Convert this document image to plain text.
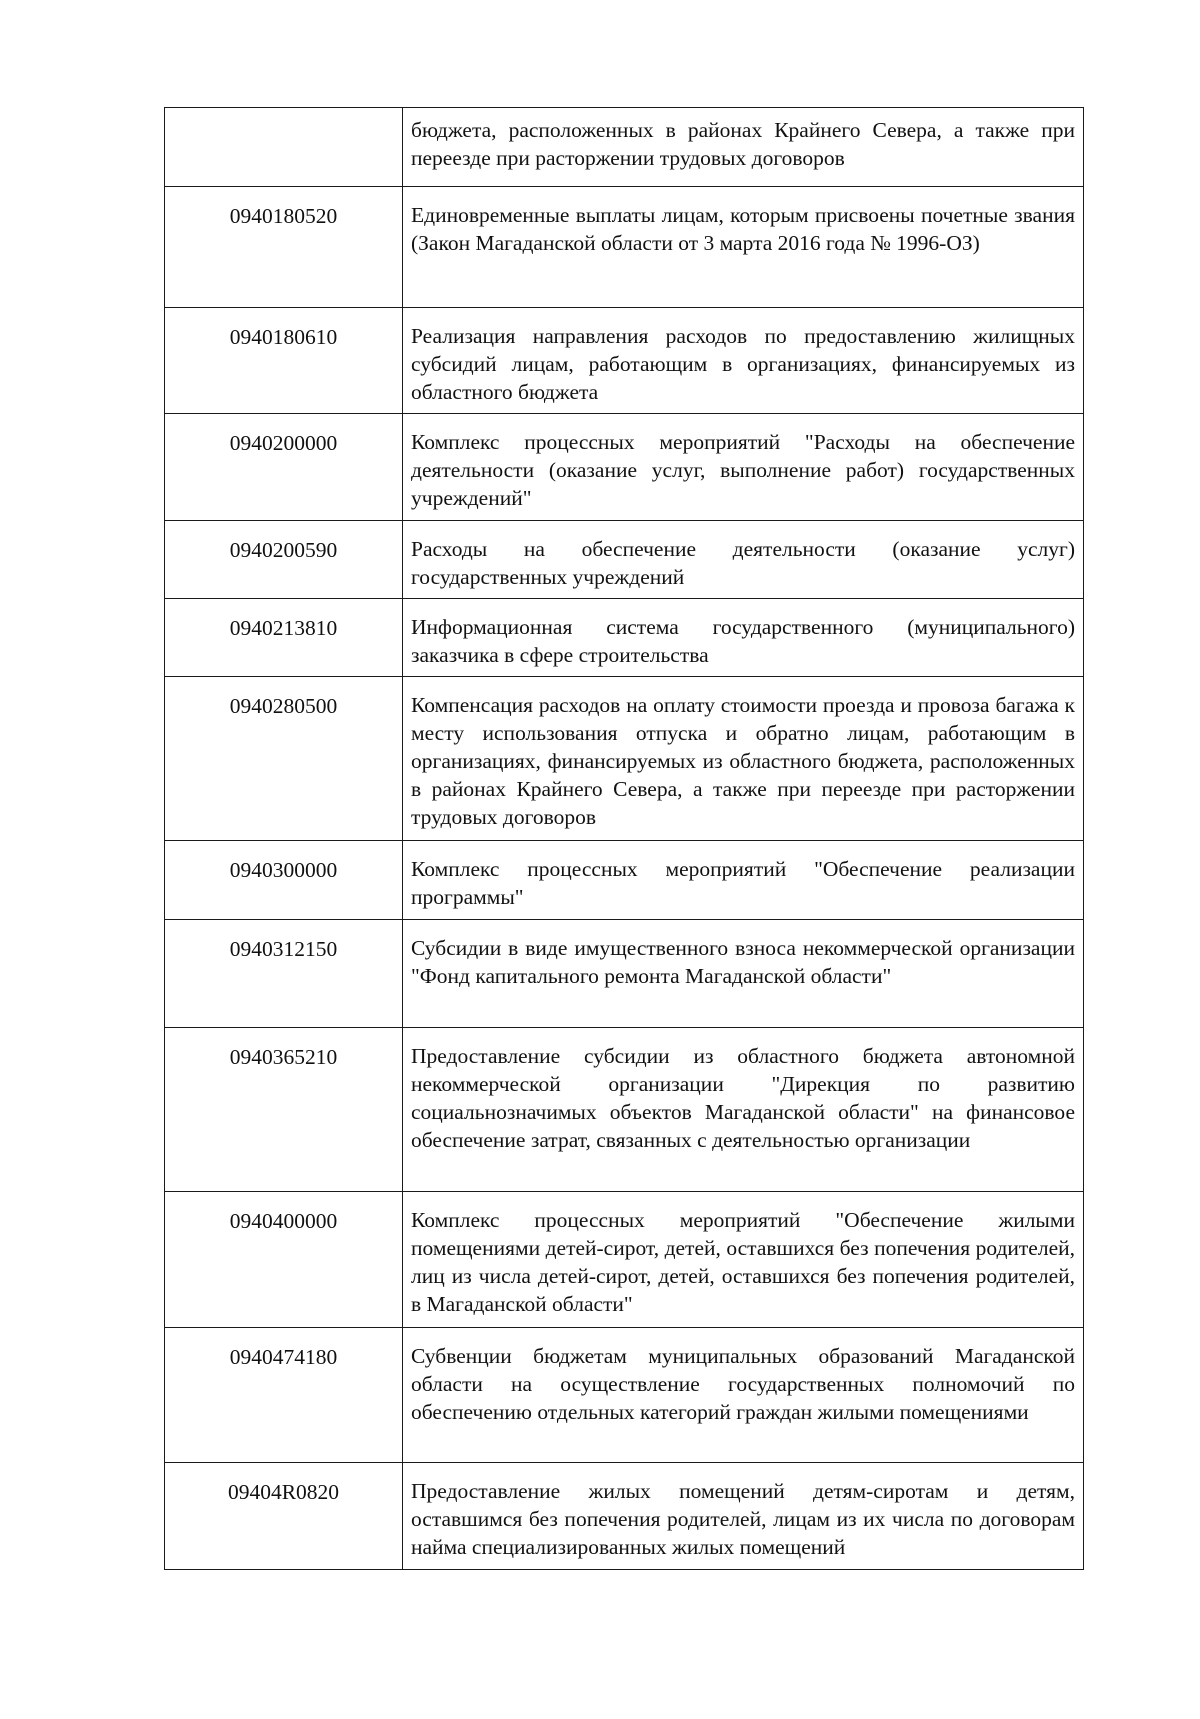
	бюджета, расположенных в районах Крайнего Севера, а также при переезде при расторжении трудовых договоров

0940180520	Единовременные выплаты лицам, которым присвоены почетные звания (Закон Магаданской области от 3 марта 2016 года № 1996-ОЗ)

0940180610	Реализация направления расходов по предоставлению жилищных субсидий лицам, работающим в организациях, финансируемых из областного бюджета

0940200000	Комплекс процессных мероприятий "Расходы на обеспечение деятельности (оказание услуг, выполнение работ) государственных учреждений"

0940200590	Расходы на обеспечение деятельности (оказание услуг) государственных учреждений

0940213810	Информационная система государственного (муниципального) заказчика в сфере строительства

0940280500	Компенсация расходов на оплату стоимости проезда и провоза багажа к месту использования отпуска и обратно лицам, работающим в организациях, финансируемых из областного бюджета, расположенных в районах Крайнего Севера, а также при переезде при расторжении трудовых договоров

0940300000	Комплекс процессных мероприятий "Обеспечение реализации программы"

0940312150	Субсидии в виде имущественного взноса некоммерческой организации "Фонд капитального ремонта Магаданской области"

0940365210	Предоставление субсидии из областного бюджета автономной некоммерческой организации "Дирекция по развитию социальнозначимых объектов Магаданской области" на финансовое обеспечение затрат, связанных с деятельностью организации

0940400000	Комплекс процессных мероприятий "Обеспечение жилыми помещениями детей-сирот, детей, оставшихся без попечения родителей, лиц из числа детей-сирот, детей, оставшихся без попечения родителей, в Магаданской области"

0940474180	Субвенции бюджетам муниципальных образований Магаданской области на осуществление государственных полномочий по обеспечению отдельных категорий граждан жилыми помещениями

09404R0820	Предоставление жилых помещений детям-сиротам и детям, оставшимся без попечения родителей, лицам из их числа по договорам найма специализированных жилых помещений
